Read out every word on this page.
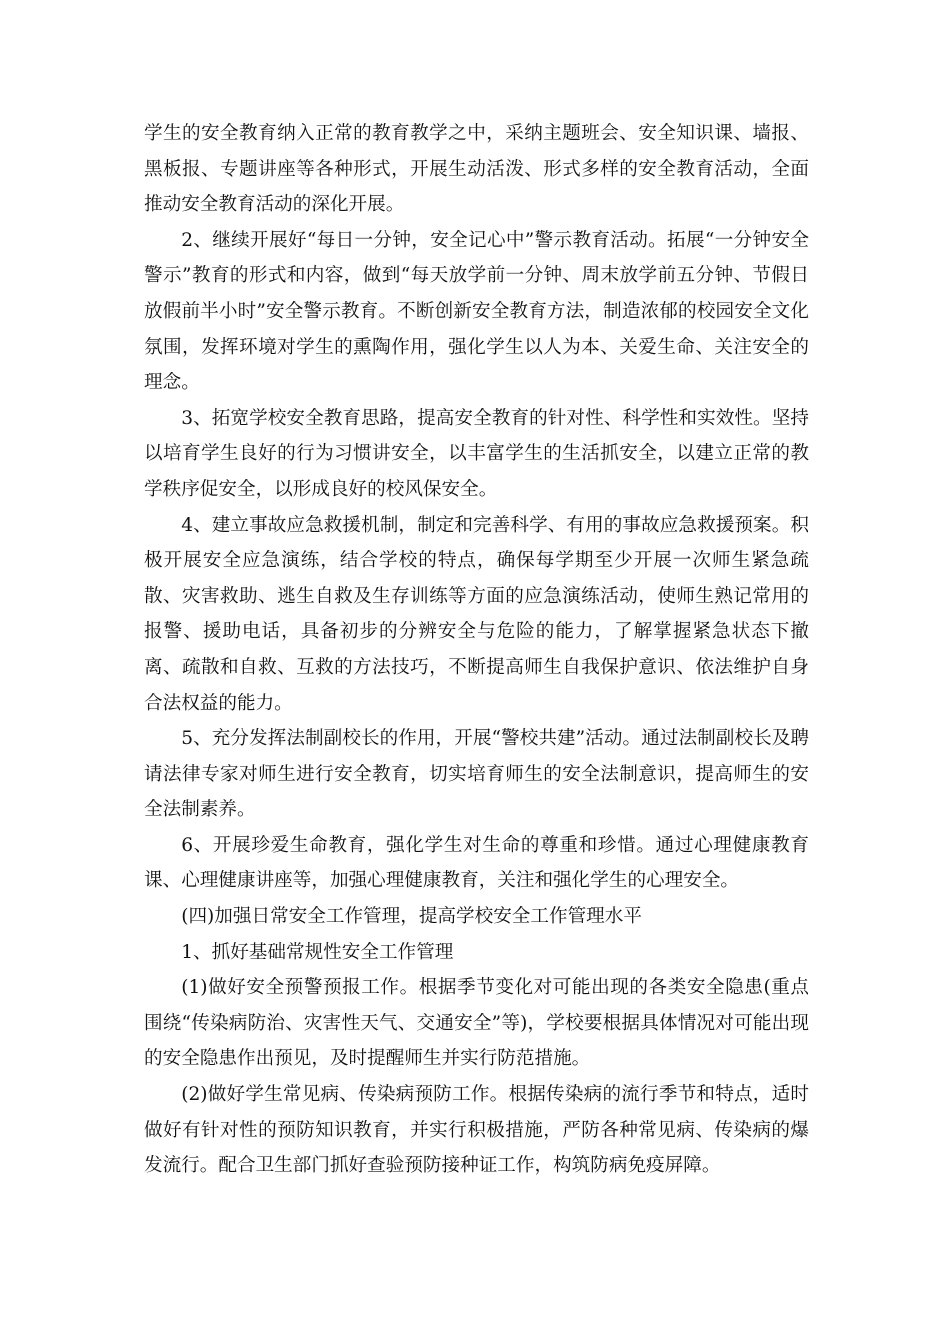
学生的安全教育纳入正常的教育教学之中，采纳主题班会、安全知识课、墙报、黑板报、专题讲座等各种形式，开展生动活泼、形式多样的安全教育活动，全面推动安全教育活动的深化开展。

2、继续开展好“每日一分钟，安全记心中”警示教育活动。拓展“一分钟安全警示”教育的形式和内容，做到“每天放学前一分钟、周末放学前五分钟、节假日放假前半小时”安全警示教育。不断创新安全教育方法，制造浓郁的校园安全文化氛围，发挥环境对学生的熏陶作用，强化学生以人为本、关爱生命、关注安全的理念。

3、拓宽学校安全教育思路，提高安全教育的针对性、科学性和实效性。坚持以培育学生良好的行为习惯讲安全，以丰富学生的生活抓安全，以建立正常的教学秩序促安全，以形成良好的校风保安全。

4、建立事故应急救援机制，制定和完善科学、有用的事故应急救援预案。积极开展安全应急演练，结合学校的特点，确保每学期至少开展一次师生紧急疏散、灾害救助、逃生自救及生存训练等方面的应急演练活动，使师生熟记常用的报警、援助电话，具备初步的分辨安全与危险的能力，了解掌握紧急状态下撤离、疏散和自救、互救的方法技巧，不断提高师生自我保护意识、依法维护自身合法权益的能力。

5、充分发挥法制副校长的作用，开展“警校共建”活动。通过法制副校长及聘请法律专家对师生进行安全教育，切实培育师生的安全法制意识，提高师生的安全法制素养。

6、开展珍爱生命教育，强化学生对生命的尊重和珍惜。通过心理健康教育课、心理健康讲座等，加强心理健康教育，关注和强化学生的心理安全。

(四)加强日常安全工作管理，提高学校安全工作管理水平

1、抓好基础常规性安全工作管理

(1)做好安全预警预报工作。根据季节变化对可能出现的各类安全隐患(重点围绕“传染病防治、灾害性天气、交通安全”等)，学校要根据具体情况对可能出现的安全隐患作出预见，及时提醒师生并实行防范措施。

(2)做好学生常见病、传染病预防工作。根据传染病的流行季节和特点，适时做好有针对性的预防知识教育，并实行积极措施，严防各种常见病、传染病的爆发流行。配合卫生部门抓好查验预防接种证工作，构筑防病免疫屏障。
